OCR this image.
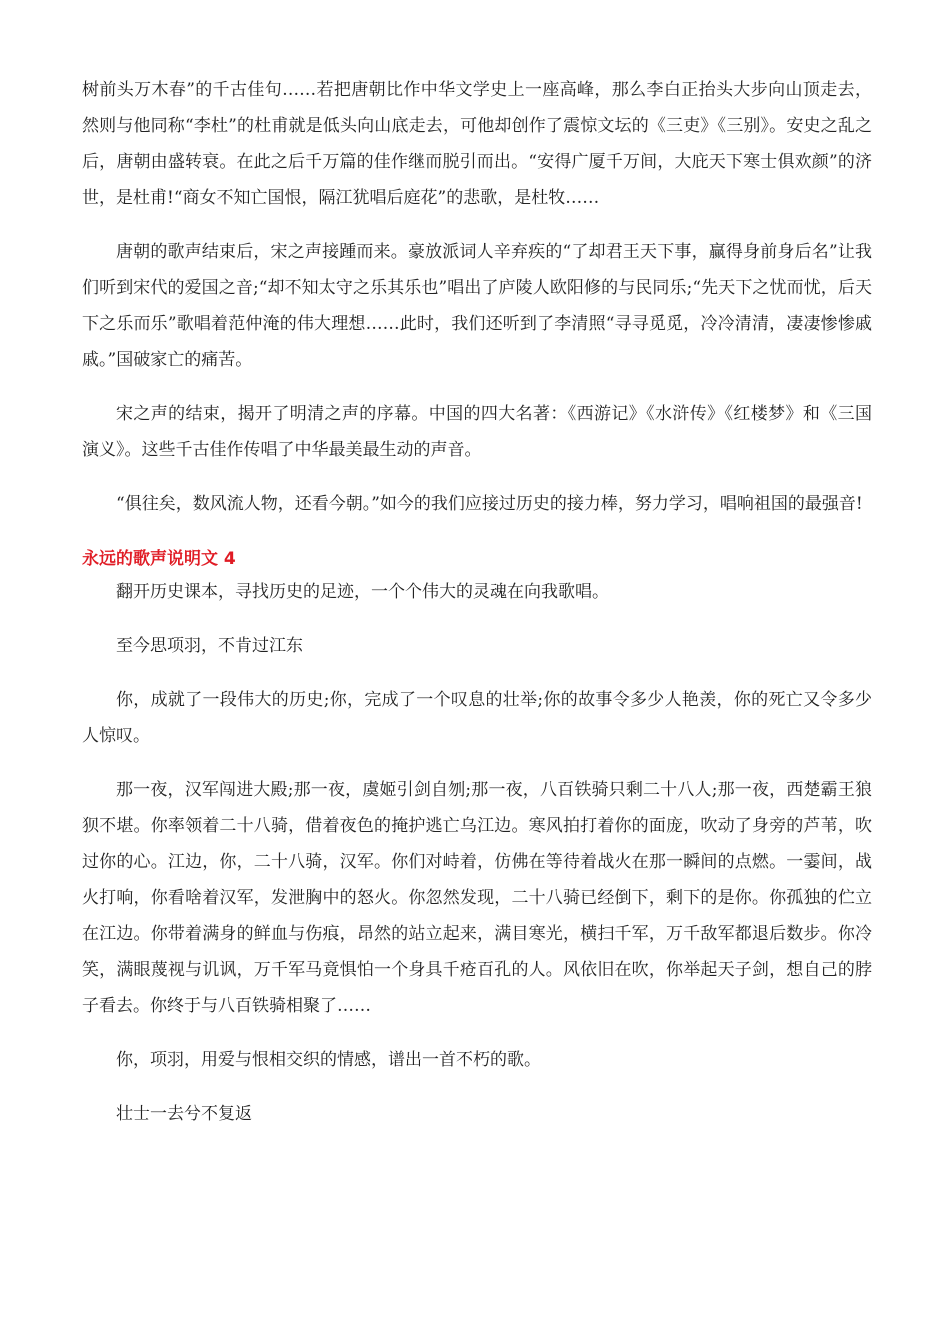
树前头万木春”的千古佳句……若把唐朝比作中华文学史上一座高峰，那么李白正抬头大步向山顶走去，然则与他同称“李杜”的杜甫就是低头向山底走去，可他却创作了震惊文坛的《三吏》《三别》。安史之乱之后，唐朝由盛转衰。在此之后千万篇的佳作继而脱引而出。“安得广厦千万间，大庇天下寒士俱欢颜”的济世，是杜甫!“商女不知亡国恨，隔江犹唱后庭花”的悲歌，是杜牧……

唐朝的歌声结束后，宋之声接踵而来。豪放派词人辛弃疾的“了却君王天下事，赢得身前身后名”让我们听到宋代的爱国之音;“却不知太守之乐其乐也”唱出了庐陵人欧阳修的与民同乐;“先天下之忧而忧，后天下之乐而乐”歌唱着范仲淹的伟大理想……此时，我们还听到了李清照“寻寻觅觅，冷冷清清，凄凄惨惨戚戚。”国破家亡的痛苦。

宋之声的结束，揭开了明清之声的序幕。中国的四大名著：《西游记》《水浒传》《红楼梦》和《三国演义》。这些千古佳作传唱了中华最美最生动的声音。

“俱往矣，数风流人物，还看今朝。”如今的我们应接过历史的接力棒，努力学习，唱响祖国的最强音!

永远的歌声说明文 4

翻开历史课本，寻找历史的足迹，一个个伟大的灵魂在向我歌唱。

至今思项羽，不肯过江东

你，成就了一段伟大的历史;你，完成了一个叹息的壮举;你的故事令多少人艳羡，你的死亡又令多少人惊叹。

那一夜，汉军闯进大殿;那一夜，虞姬引剑自刎;那一夜，八百铁骑只剩二十八人;那一夜，西楚霸王狼狈不堪。你率领着二十八骑，借着夜色的掩护逃亡乌江边。寒风拍打着你的面庞，吹动了身旁的芦苇，吹过你的心。江边，你，二十八骑，汉军。你们对峙着，仿佛在等待着战火在那一瞬间的点燃。一霎间，战火打响，你看啥着汉军，发泄胸中的怒火。你忽然发现，二十八骑已经倒下，剩下的是你。你孤独的伫立在江边。你带着满身的鲜血与伤痕，昂然的站立起来，满目寒光，横扫千军，万千敌军都退后数步。你冷笑，满眼蔑视与讥讽，万千军马竟惧怕一个身具千疮百孔的人。风依旧在吹，你举起天子剑，想自己的脖子看去。你终于与八百铁骑相聚了……

你，项羽，用爱与恨相交织的情感，谱出一首不朽的歌。

壮士一去兮不复返
